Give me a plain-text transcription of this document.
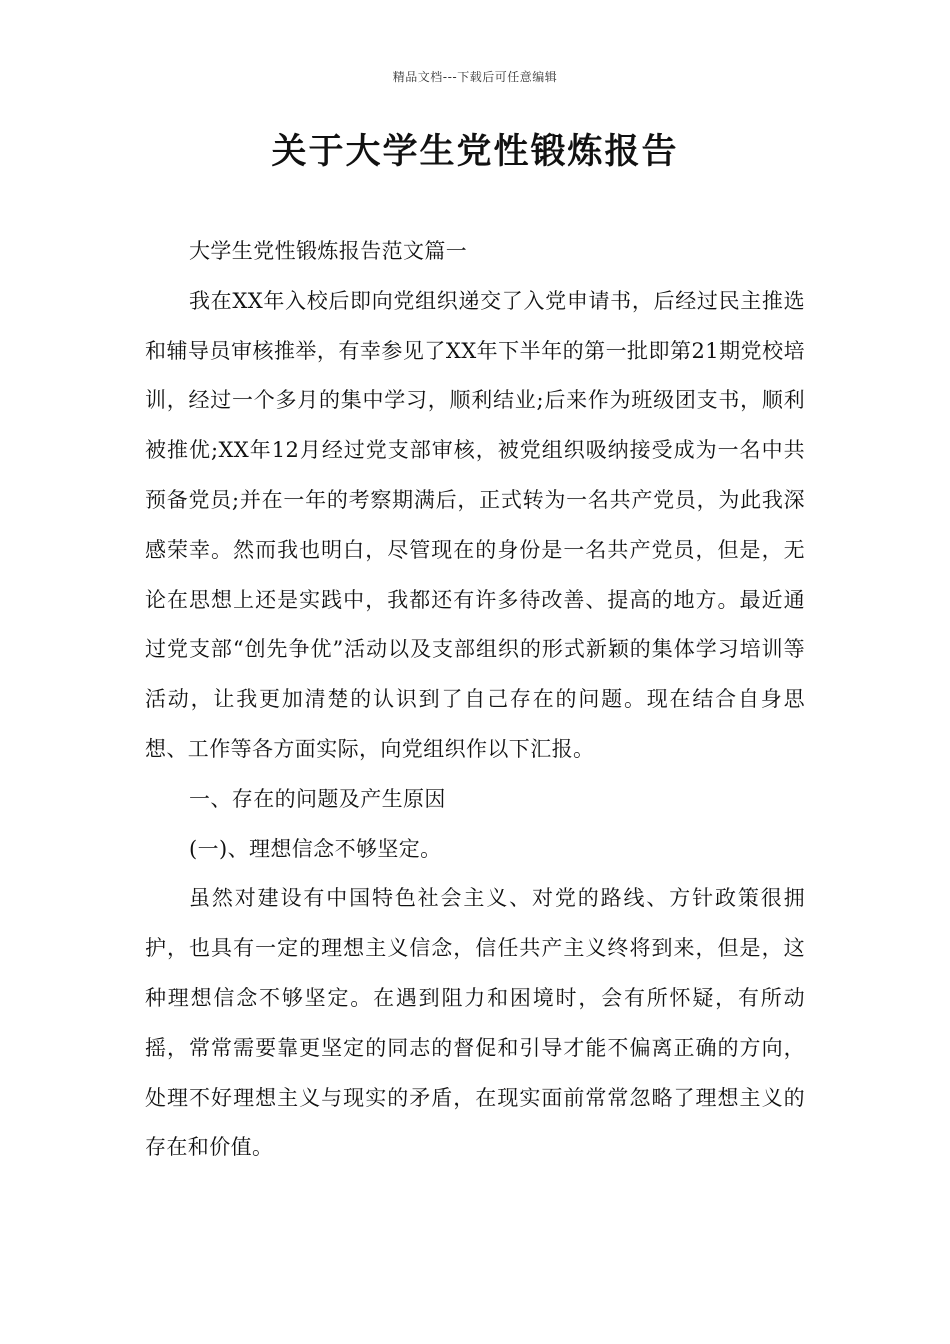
精品文档---下载后可任意编辑
关于大学生党性锻炼报告

大学生党性锻炼报告范文篇一

我在XX年入校后即向党组织递交了入党申请书，后经过民主推选和辅导员审核推举，有幸参见了XX年下半年的第一批即第21期党校培训，经过一个多月的集中学习，顺利结业;后来作为班级团支书，顺利被推优;XX年12月经过党支部审核，被党组织吸纳接受成为一名中共预备党员;并在一年的考察期满后，正式转为一名共产党员，为此我深感荣幸。然而我也明白，尽管现在的身份是一名共产党员，但是，无论在思想上还是实践中，我都还有许多待改善、提高的地方。最近通过党支部“创先争优”活动以及支部组织的形式新颖的集体学习培训等活动，让我更加清楚的认识到了自己存在的问题。现在结合自身思想、工作等各方面实际，向党组织作以下汇报。

一、存在的问题及产生原因

(一)、理想信念不够坚定。

虽然对建设有中国特色社会主义、对党的路线、方针政策很拥护，也具有一定的理想主义信念，信任共产主义终将到来，但是，这种理想信念不够坚定。在遇到阻力和困境时，会有所怀疑，有所动摇，常常需要靠更坚定的同志的督促和引导才能不偏离正确的方向，处理不好理想主义与现实的矛盾，在现实面前常常忽略了理想主义的存在和价值。
